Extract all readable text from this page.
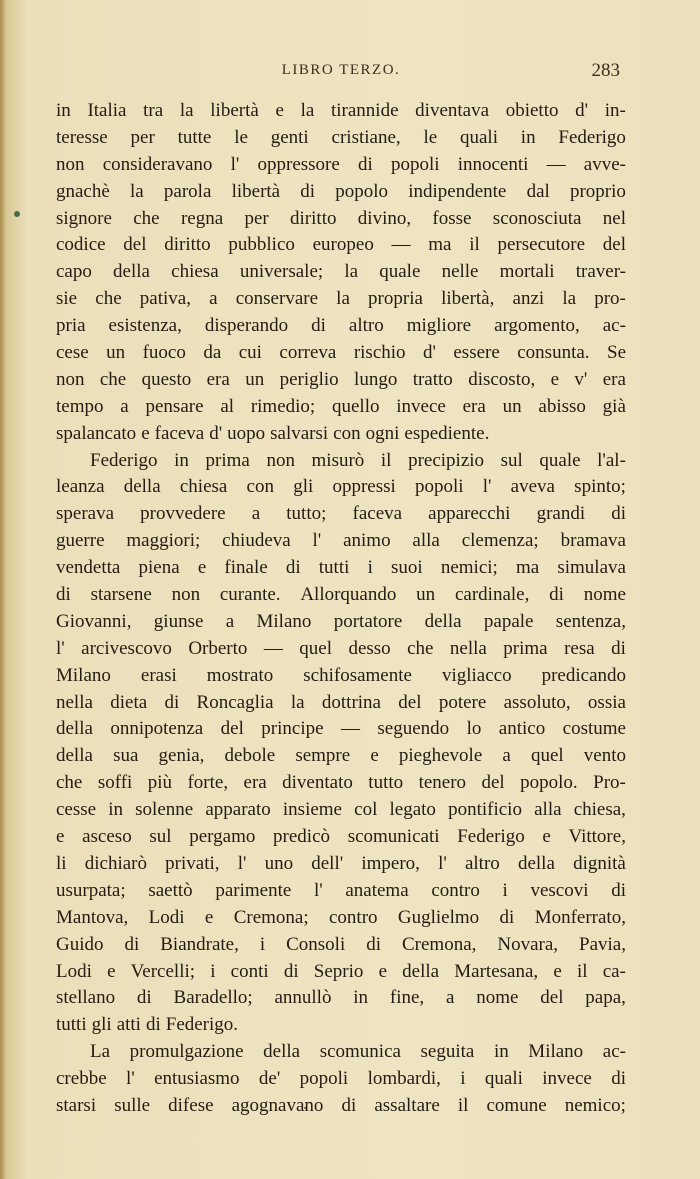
LIBRO TERZO.	283
in Italia tra la libertà e la tirannide diventava obietto d' in-
teresse per tutte le genti cristiane, le quali in Federigo
non consideravano l' oppressore di popoli innocenti — avve-
gnachè la parola libertà di popolo indipendente dal proprio
signore che regna per diritto divino, fosse sconosciuta nel
codice del diritto pubblico europeo — ma il persecutore del
capo della chiesa universale; la quale nelle mortali traver-
sie che pativa, a conservare la propria libertà, anzi la pro-
pria esistenza, disperando di altro migliore argomento, ac-
cese un fuoco da cui correva rischio d' essere consunta. Se
non che questo era un periglio lungo tratto discosto, e v' era
tempo a pensare al rimedio; quello invece era un abisso già
spalancato e faceva d' uopo salvarsi con ogni espediente.
Federigo in prima non misurò il precipizio sul quale l'al-
leanza della chiesa con gli oppressi popoli l' aveva spinto;
sperava provvedere a tutto; faceva apparecchi grandi di
guerre maggiori; chiudeva l' animo alla clemenza; bramava
vendetta piena e finale di tutti i suoi nemici; ma simulava
di starsene non curante. Allorquando un cardinale, di nome
Giovanni, giunse a Milano portatore della papale sentenza,
l' arcivescovo Orberto — quel desso che nella prima resa di
Milano erasi mostrato schifosamente vigliacco predicando
nella dieta di Roncaglia la dottrina del potere assoluto, ossia
della onnipotenza del principe — seguendo lo antico costume
della sua genia, debole sempre e pieghevole a quel vento
che soffi più forte, era diventato tutto tenero del popolo. Pro-
cesse in solenne apparato insieme col legato pontificio alla chiesa,
e asceso sul pergamo predicò scomunicati Federigo e Vittore,
li dichiarò privati, l' uno dell' impero, l' altro della dignità
usurpata; saettò parimente l' anatema contro i vescovi di
Mantova, Lodi e Cremona; contro Guglielmo di Monferrato,
Guido di Biandrate, i Consoli di Cremona, Novara, Pavia,
Lodi e Vercelli; i conti di Seprio e della Martesana, e il ca-
stellano di Baradello; annullò in fine, a nome del papa,
tutti gli atti di Federigo.
La promulgazione della scomunica seguita in Milano ac-
crebbe l' entusiasmo de' popoli lombardi, i quali invece di
starsi sulle difese agognavano di assaltare il comune nemico;
